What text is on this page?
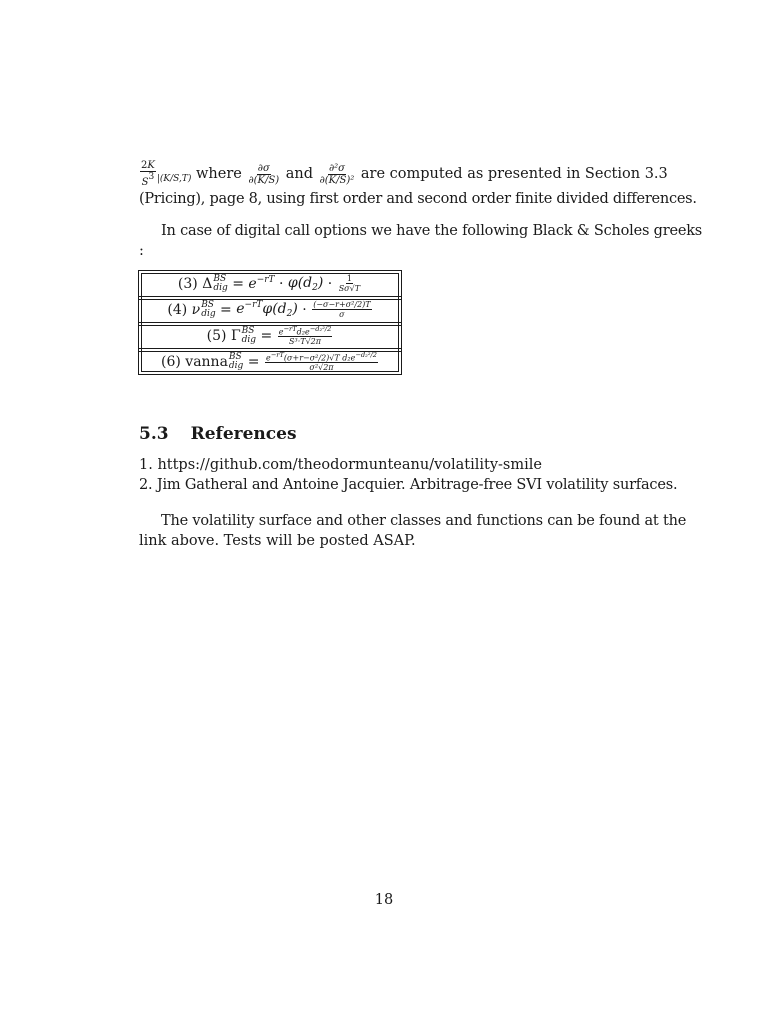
$\frac{2K}{S3} _{|(K/S,T)}$ where $\frac{\partial\sigma}{\partial(K/S)}$ and $\frac{\text{∂²σ}}{\text{∂(K/S)²}}$ are computed as presented in Section 3.3
(Pricing), page 8, using first order and second order finite divided differences.
In case of digital call options we have the following Black & Scholes greeks
:
(3)
Δ BS
dig = $e^{-rT} \cdot \varphi(d_2) \cdot \frac{1}{S\sigma√T}$
(4)
ν BS
dig = $e^{-rT}\varphi(d_2) \cdot \frac{\text{(−σ−r+σ²/2)T}}{\sigma}$
(5)
Γ BS
dig = $\frac{e^{-rT}d_2e^{-d_2^2/2}}{\text{S³·T√2π}}$
(6)
vanna BS
dig = $\frac{e^{-rT}(\sigma+r-\sigma^2/2)√T d_2e^{-d_2^2/2}}{\text{σ²√2π}}$
5.3 References
1. https://github.com/theodormunteanu/volatility-smile
2. Jim Gatheral and Antoine Jacquier. Arbitrage-free SVI volatility surfaces.
The volatility surface and other classes and functions can be found at the
link above. Tests will be posted ASAP.
18
